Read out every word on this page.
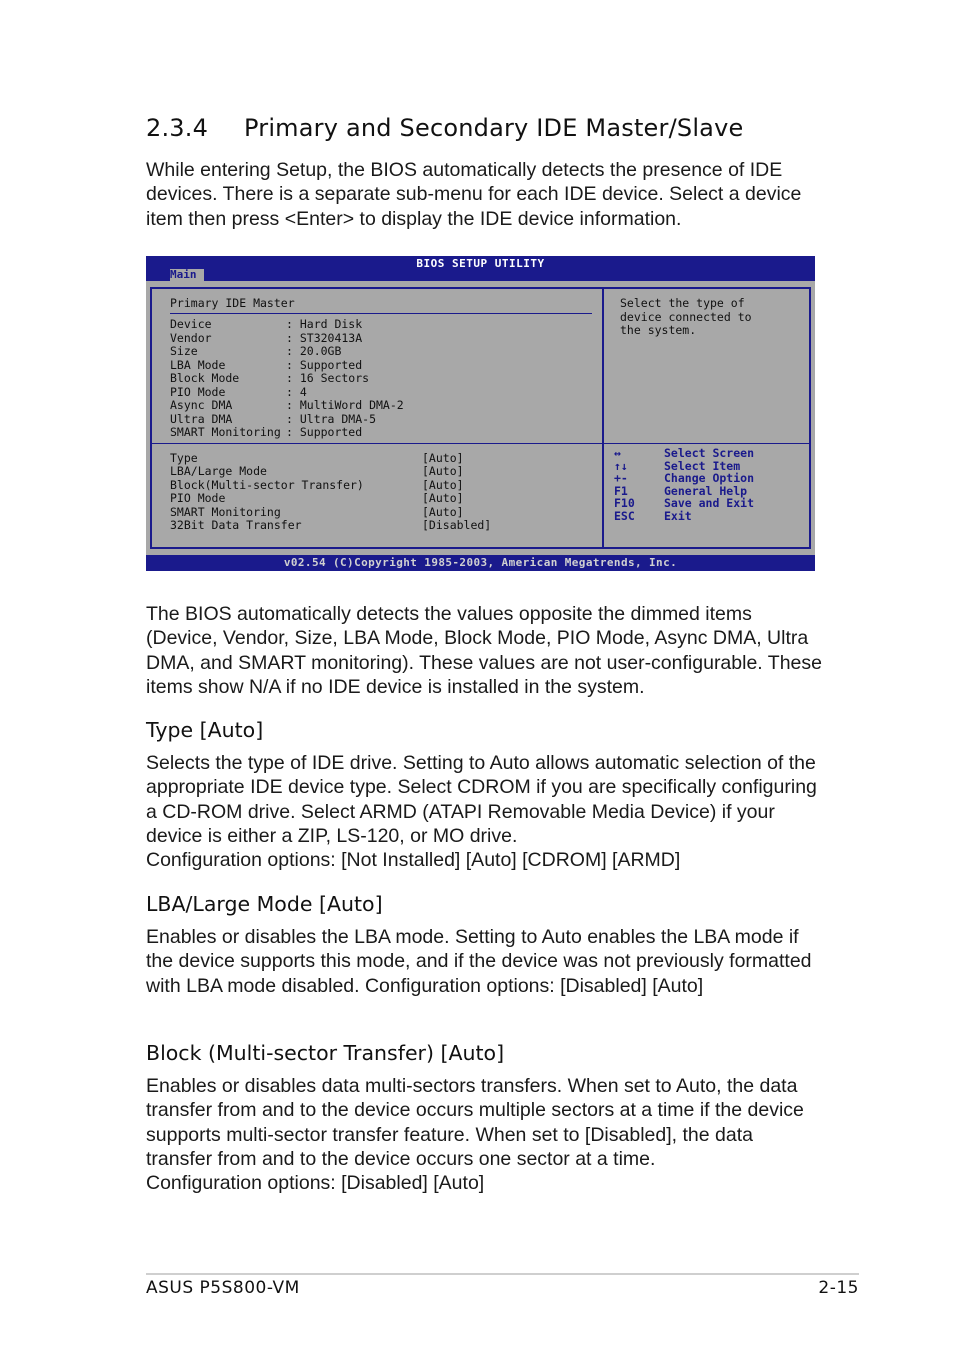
2.3.4 Primary and Secondary IDE Master/Slave

While entering Setup, the BIOS automatically detects the presence of IDE devices. There is a separate sub-menu for each IDE device. Select a device item then press <Enter> to display the IDE device information.

BIOS SETUP UTILITY
Main
Primary IDE Master
Device	: Hard Disk
Vendor	: ST320413A
Size	: 20.0GB
LBA Mode	: Supported
Block Mode	: 16 Sectors
PIO Mode	: 4
Async DMA	: MultiWord DMA-2
Ultra DMA	: Ultra DMA-5
SMART Monitoring : Supported
Type	[Auto]
LBA/Large Mode	[Auto]
Block(Multi-sector Transfer)	[Auto]
PIO Mode	[Auto]
SMART Monitoring	[Auto]
32Bit Data Transfer	[Disabled]
Select the type of
device connected to
the system.
↔	Select Screen
↑↓	Select Item
+-	Change Option
F1	General Help
F10	Save and Exit
ESC	Exit
v02.54 (C)Copyright 1985-2003, American Megatrends, Inc.

The BIOS automatically detects the values opposite the dimmed items (Device, Vendor, Size, LBA Mode, Block Mode, PIO Mode, Async DMA, Ultra DMA, and SMART monitoring). These values are not user-configurable. These items show N/A if no IDE device is installed in the system.

Type [Auto]

Selects the type of IDE drive. Setting to Auto allows automatic selection of the appropriate IDE device type. Select CDROM if you are specifically configuring a CD-ROM drive. Select ARMD (ATAPI Removable Media Device) if your device is either a ZIP, LS-120, or MO drive.

Configuration options: [Not Installed] [Auto] [CDROM] [ARMD]

LBA/Large Mode [Auto]

Enables or disables the LBA mode. Setting to Auto enables the LBA mode if the device supports this mode, and if the device was not previously formatted with LBA mode disabled. Configuration options: [Disabled] [Auto]

Block (Multi-sector Transfer) [Auto]

Enables or disables data multi-sectors transfers. When set to Auto, the data transfer from and to the device occurs multiple sectors at a time if the device supports multi-sector transfer feature. When set to [Disabled], the data transfer from and to the device occurs one sector at a time.

Configuration options: [Disabled] [Auto]

ASUS P5S800-VM	2-15
